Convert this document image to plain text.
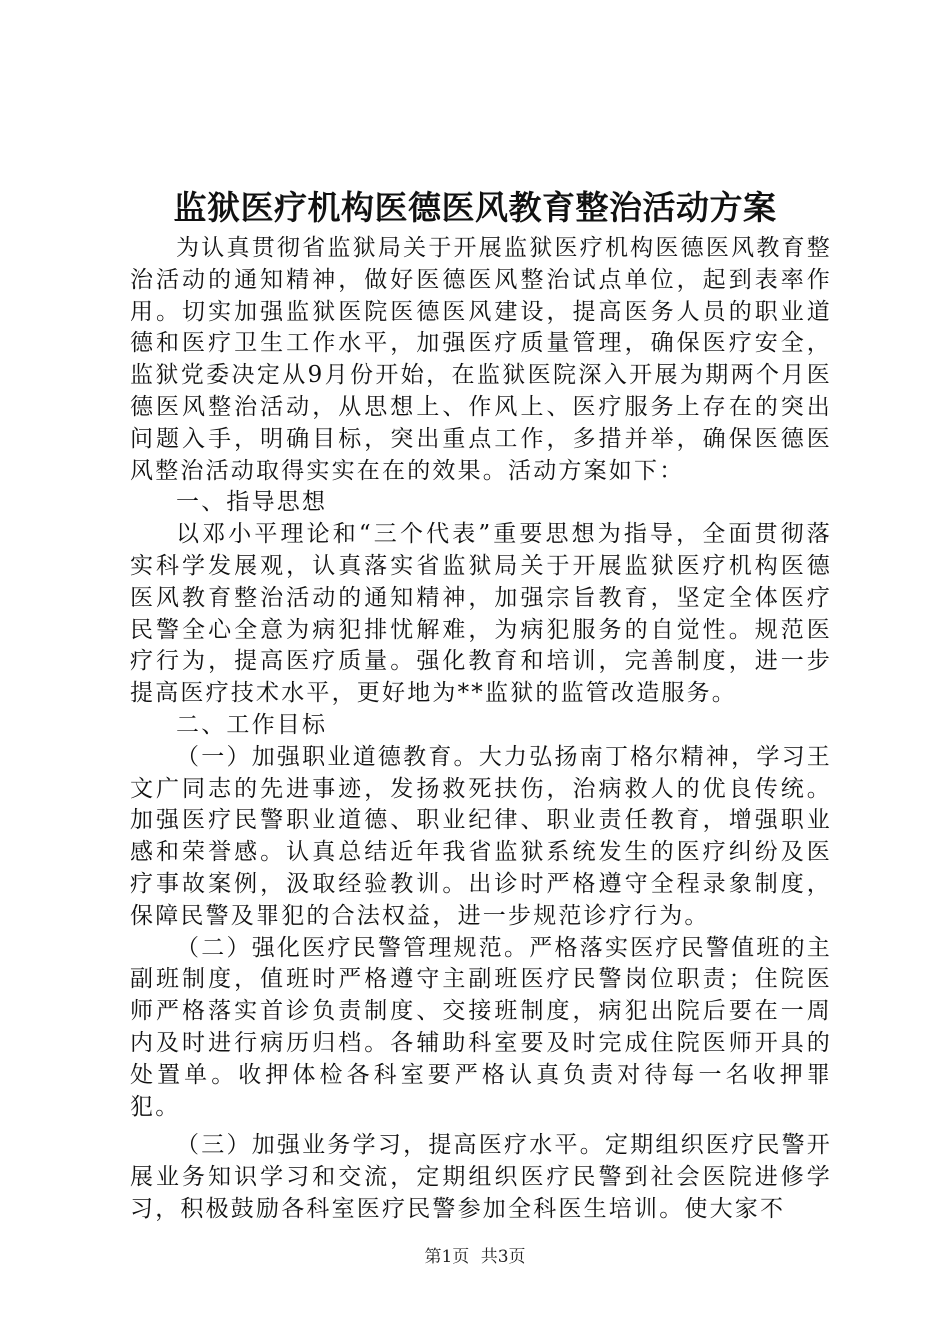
监狱医疗机构医德医风教育整治活动方案

为认真贯彻省监狱局关于开展监狱医疗机构医德医风教育整治活动的通知精神，做好医德医风整治试点单位，起到表率作用。切实加强监狱医院医德医风建设，提高医务人员的职业道德和医疗卫生工作水平，加强医疗质量管理，确保医疗安全，监狱党委决定从9月份开始，在监狱医院深入开展为期两个月医德医风整治活动，从思想上、作风上、医疗服务上存在的突出问题入手，明确目标，突出重点工作，多措并举，确保医德医风整治活动取得实实在在的效果。活动方案如下：

一、指导思想

以邓小平理论和“三个代表”重要思想为指导，全面贯彻落实科学发展观，认真落实省监狱局关于开展监狱医疗机构医德医风教育整治活动的通知精神，加强宗旨教育，坚定全体医疗民警全心全意为病犯排忧解难，为病犯服务的自觉性。规范医疗行为，提高医疗质量。强化教育和培训，完善制度，进一步提高医疗技术水平，更好地为**监狱的监管改造服务。

二、工作目标

（一）加强职业道德教育。大力弘扬南丁格尔精神，学习王文广同志的先进事迹，发扬救死扶伤，治病救人的优良传统。加强医疗民警职业道德、职业纪律、职业责任教育，增强职业感和荣誉感。认真总结近年我省监狱系统发生的医疗纠纷及医疗事故案例，汲取经验教训。出诊时严格遵守全程录象制度，保障民警及罪犯的合法权益，进一步规范诊疗行为。

（二）强化医疗民警管理规范。严格落实医疗民警值班的主副班制度，值班时严格遵守主副班医疗民警岗位职责；住院医师严格落实首诊负责制度、交接班制度，病犯出院后要在一周内及时进行病历归档。各辅助科室要及时完成住院医师开具的处置单。收押体检各科室要严格认真负责对待每一名收押罪犯。

（三）加强业务学习，提高医疗水平。定期组织医疗民警开展业务知识学习和交流，定期组织医疗民警到社会医院进修学习，积极鼓励各科室医疗民警参加全科医生培训。使大家不

第1页 共3页
